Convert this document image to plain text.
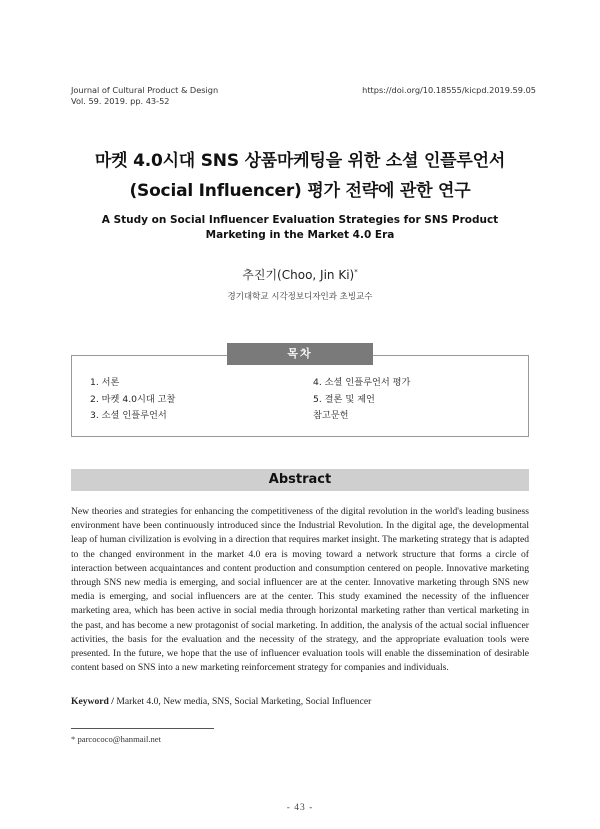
Journal of Cultural Product & Design
Vol. 59. 2019. pp. 43-52
https://doi.org/10.18555/kicpd.2019.59.05
마켓 4.0시대 SNS 상품마케팅을 위한 소셜 인플루언서
(Social Influencer) 평가 전략에 관한 연구
A Study on Social Influencer Evaluation Strategies for SNS Product Marketing in the Market 4.0 Era
추진기(Choo, Jin Ki)*
경기대학교 시각정보디자인과 초빙교수
목차
1. 서론
2. 마켓 4.0시대 고찰
3. 소셜 인플루언서
4. 소셜 인플루언서 평가
5. 결론 및 제언
참고문헌
Abstract

New theories and strategies for enhancing the competitiveness of the digital revolution in the world's leading business environment have been continuously introduced since the Industrial Revolution. In the digital age, the developmental leap of human civilization is evolving in a direction that requires market insight. The marketing strategy that is adapted to the changed environment in the market 4.0 era is moving toward a network structure that forms a circle of interaction between acquaintances and content production and consumption centered on people. Innovative marketing through SNS new media is emerging, and social influencer are at the center. Innovative marketing through SNS new media is emerging, and social influencers are at the center. This study examined the necessity of the influencer marketing area, which has been active in social media through horizontal marketing rather than vertical marketing in the past, and has become a new protagonist of social marketing. In addition, the analysis of the actual social influencer activities, the basis for the evaluation and the necessity of the strategy, and the appropriate evaluation tools were presented. In the future, we hope that the use of influencer evaluation tools will enable the dissemination of desirable content based on SNS into a new marketing reinforcement strategy for companies and individuals.

Keyword / Market 4.0, New media, SNS, Social Marketing, Social Influencer
* parcococo@hanmail.net
- 43 -
